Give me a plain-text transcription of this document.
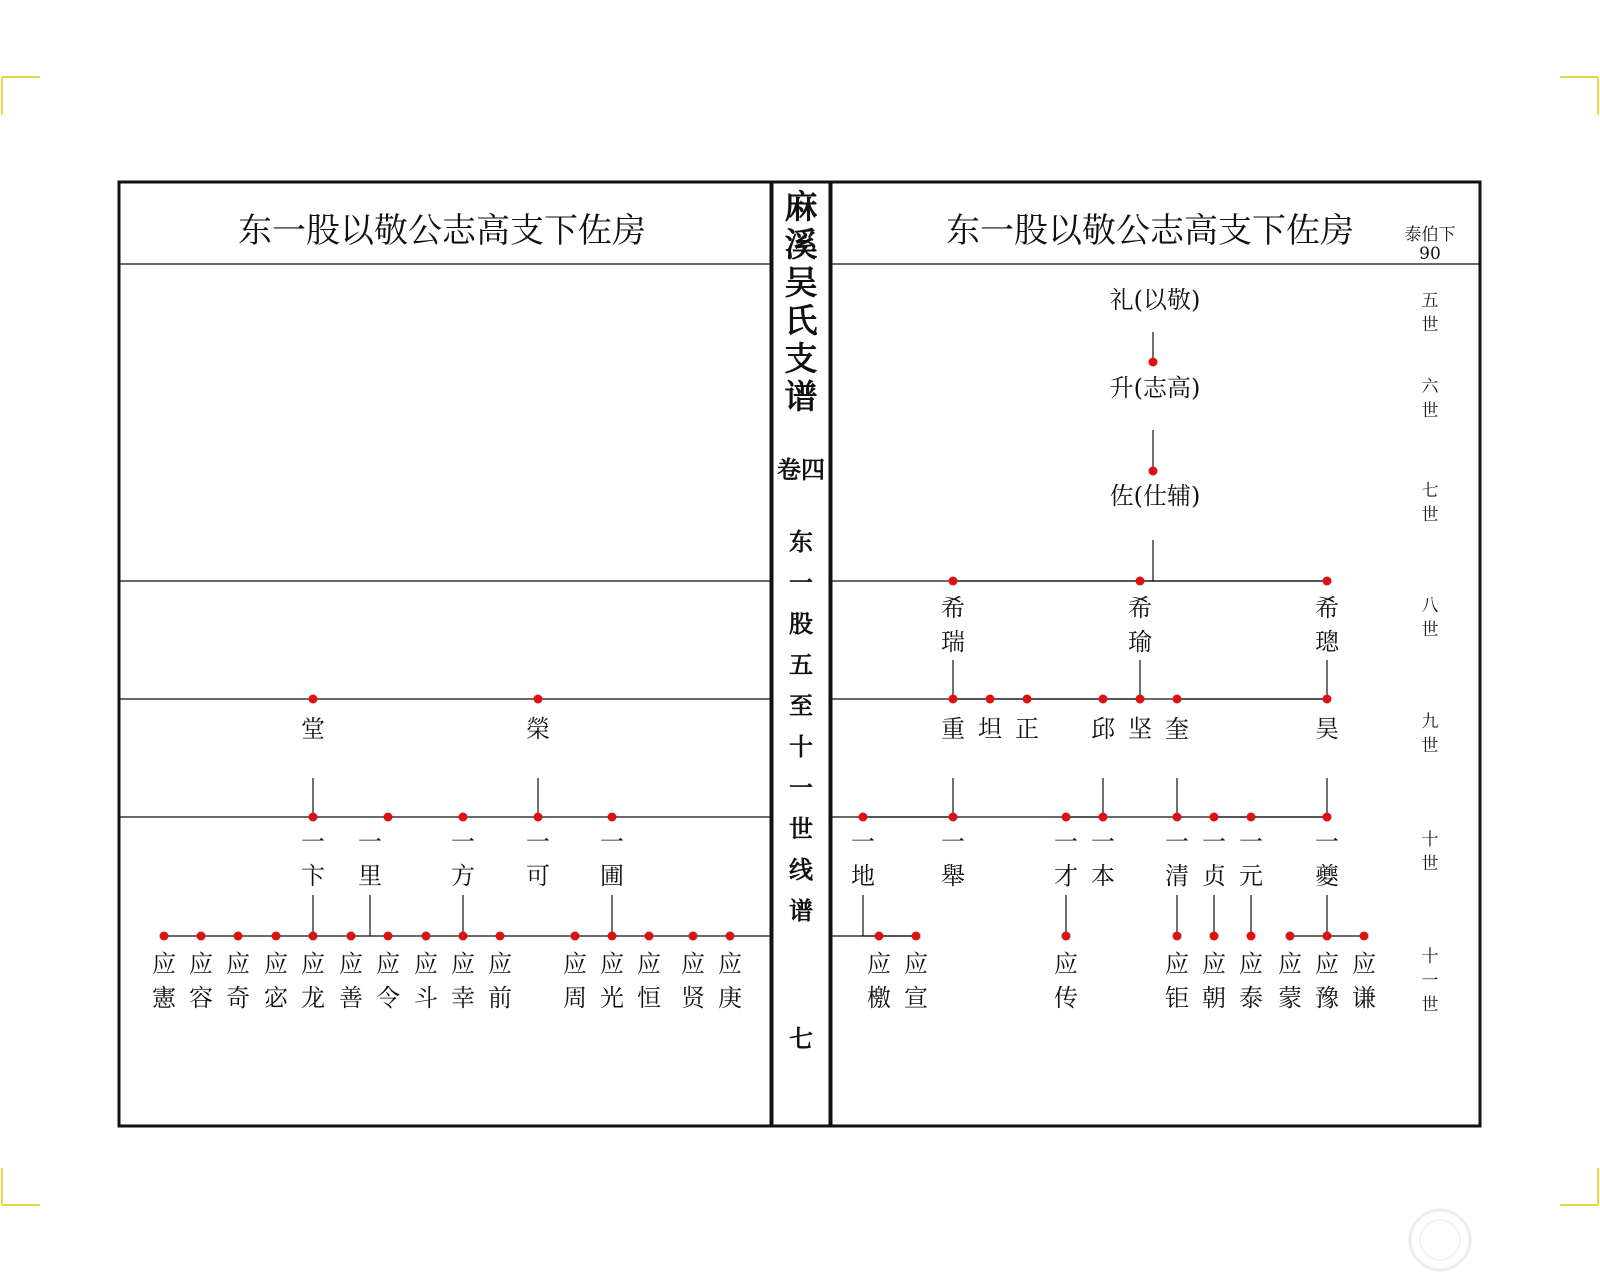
东一股以敬公志高支下佐房	东一股以敬公志高支下佐房	泰伯下
90
麻
溪
吴
氏
支
谱
卷四
东
一
股
五
至
十
一
世
线
谱
七
五
世
六
世
七
世
八
世
九
世
十
世
十
一
世
礼(以敬)
升(志高)
佐(仕辅)
希
瑞
希
瑜
希
璁
重 坦 正 邱 坚 奎	昊
一
地
一
舉
一
才
一
本
一
清
一
贞
一
元
一
夔
应
檄
应
宣
应
传
应
钜
应
朝
应
泰
应
蒙
应
豫
应
谦
堂	榮
一
卞
一
里
一
方
一
可
一
圃
应
憲
应
容
应
奇
应
宓
应
龙
应
善
应
令
应
斗
应
幸
应
前
应
周
应
光
应
恒
应
贤
应
庚
